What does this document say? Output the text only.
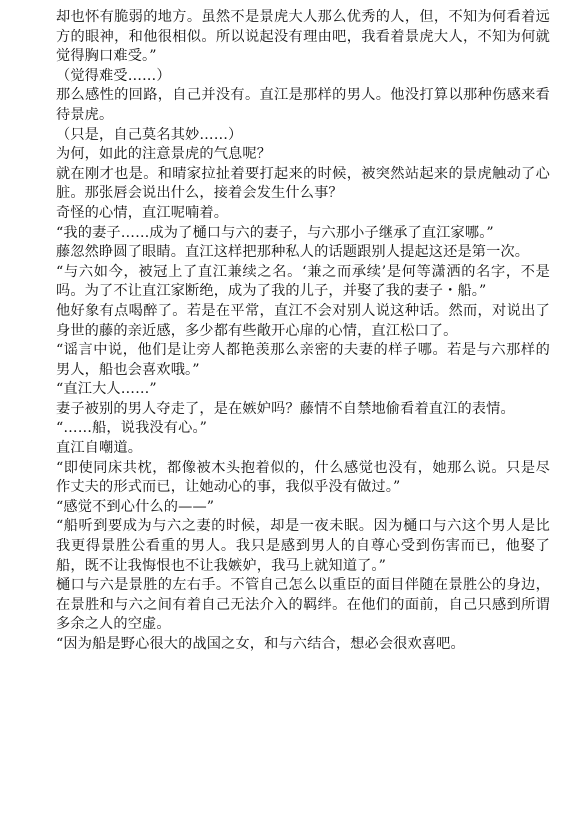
却也怀有脆弱的地方。虽然不是景虎大人那么优秀的人，但，不知为何看着远方的眼神，和他很相似。所以说起没有理由吧，我看着景虎大人，不知为何就觉得胸口难受。”

（觉得难受……）

那么感性的回路，自己并没有。直江是那样的男人。他没打算以那种伤感来看待景虎。

（只是，自己莫名其妙……）

为何，如此的注意景虎的气息呢？

就在刚才也是。和晴家拉扯着要打起来的时候，被突然站起来的景虎触动了心脏。那张唇会说出什么，接着会发生什么事？

奇怪的心情，直江呢喃着。

“我的妻子……成为了樋口与六的妻子，与六那小子继承了直江家哪。”

藤忽然睁圆了眼睛。直江这样把那种私人的话题跟别人提起这还是第一次。

“与六如今，被冠上了直江兼续之名。‘兼之而承续’是何等潇洒的名字，不是吗。为了不让直江家断绝，成为了我的儿子，并娶了我的妻子・船。”

他好象有点喝醉了。若是在平常，直江不会对别人说这种话。然而，对说出了身世的藤的亲近感，多少都有些敞开心扉的心情，直江松口了。

“谣言中说，他们是让旁人都艳羡那么亲密的夫妻的样子哪。若是与六那样的男人，船也会喜欢哦。”

“直江大人……”

妻子被别的男人夺走了，是在嫉妒吗？藤情不自禁地偷看着直江的表情。

“……船，说我没有心。”

直江自嘲道。

“即使同床共枕，都像被木头抱着似的，什么感觉也没有，她那么说。只是尽作丈夫的形式而已，让她动心的事，我似乎没有做过。”

“感觉不到心什么的——”

“船听到要成为与六之妻的时候，却是一夜未眠。因为樋口与六这个男人是比我更得景胜公看重的男人。我只是感到男人的自尊心受到伤害而已，他娶了船，既不让我悔恨也不让我嫉妒，我马上就知道了。”

樋口与六是景胜的左右手。不管自己怎么以重臣的面目伴随在景胜公的身边，在景胜和与六之间有着自己无法介入的羁绊。在他们的面前，自己只感到所谓多余之人的空虚。

“因为船是野心很大的战国之女，和与六结合，想必会很欢喜吧。
